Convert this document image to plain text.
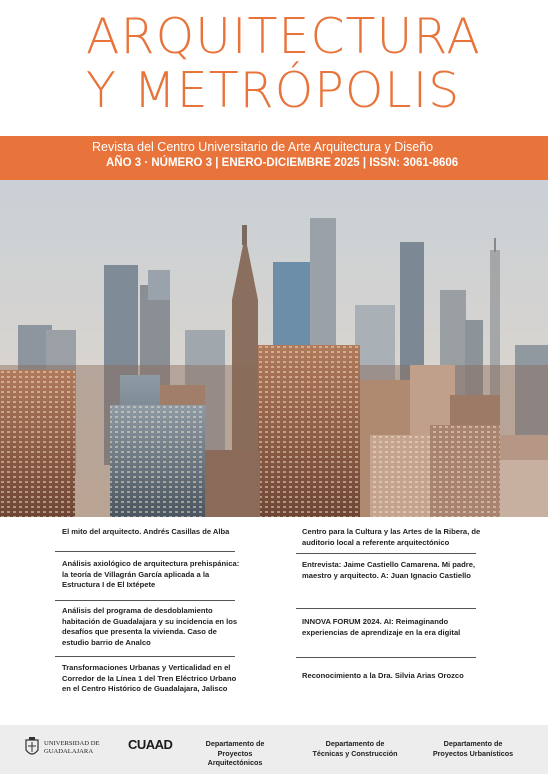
ARQUITECTURA
Y METRÓPOLIS
Revista del Centro Universitario de Arte Arquitectura y Diseño
AÑO 3 · NÚMERO 3 | ENERO-DICIEMBRE 2025 | ISSN: 3061-8606
El mito del arquitecto. Andrés Casillas de Alba
Análisis axiológico de arquitectura prehispánica: la teoría de Villagrán García aplicada a la Estructura I de El Ixtépete
Análisis del programa de desdoblamiento habitación de Guadalajara y su incidencia en los desafíos que presenta la vivienda. Caso de estudio barrio de Analco
Transformaciones Urbanas y Verticalidad en el Corredor de la Línea 1 del Tren Eléctrico Urbano en el Centro Histórico de Guadalajara, Jalisco
Centro para la Cultura y las Artes de la Ribera, de auditorio local a referente arquitectónico
Entrevista: Jaime Castiello Camarena. Mi padre, maestro y arquitecto. A: Juan Ignacio Castiello
INNOVA FORUM 2024. AI: Reimaginando experiencias de aprendizaje en la era digital
Reconocimiento a la Dra. Silvia Arias Orozco
UNIVERSIDAD DE GUADALAJARA	CUAAD	Departamento de Proyectos Arquitectónicos
Departamento de Técnicas y Construcción
Departamento de Proyectos Urbanísticos
